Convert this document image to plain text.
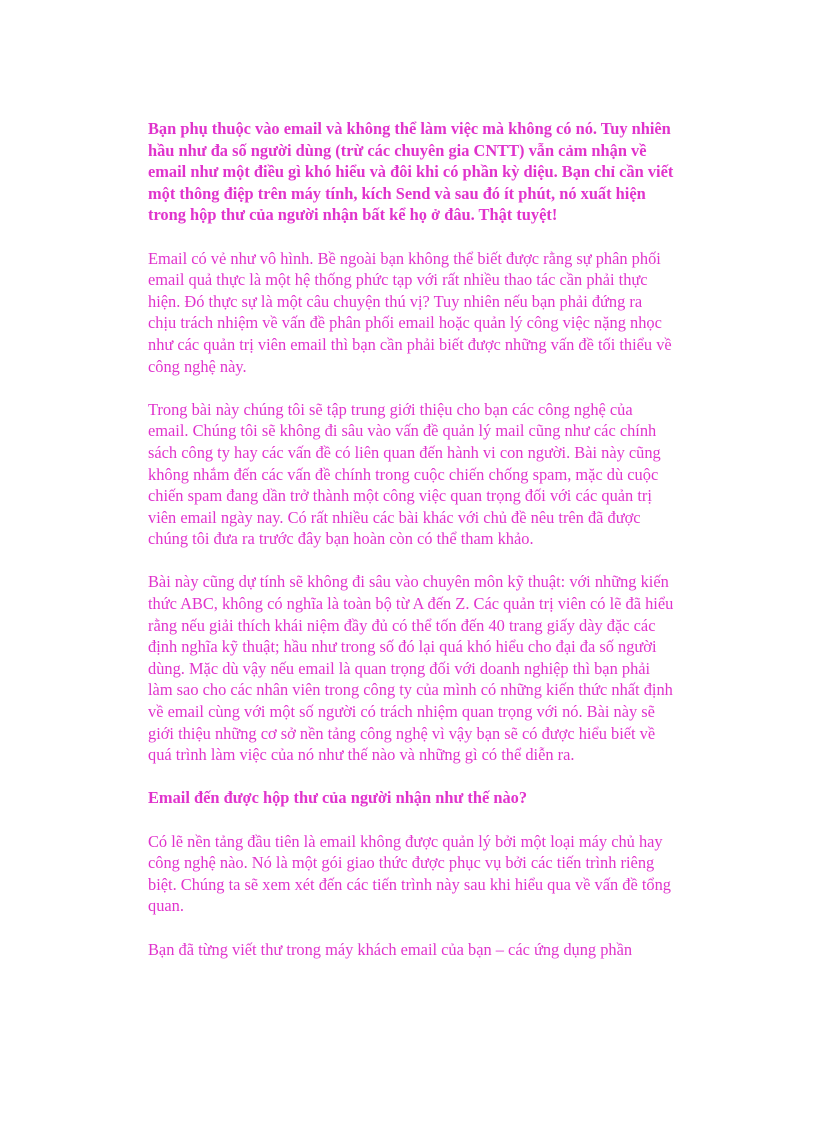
Bạn phụ thuộc vào email và không thể làm việc mà không có nó. Tuy nhiên hầu như đa số người dùng (trừ các chuyên gia CNTT) vẫn cảm nhận về email như một điều gì khó hiểu và đôi khi có phần kỳ diệu. Bạn chỉ cần viết một thông điệp trên máy tính, kích Send và sau đó ít phút, nó xuất hiện trong hộp thư của người nhận bất kể họ ở đâu. Thật tuyệt!

Email có vẻ như vô hình. Bề ngoài bạn không thể biết được rằng sự phân phối email quả thực là một hệ thống phức tạp với rất nhiều thao tác cần phải thực hiện. Đó thực sự là một câu chuyện thú vị? Tuy nhiên nếu bạn phải đứng ra chịu trách nhiệm về vấn đề phân phối email hoặc quản lý công việc nặng nhọc như các quản trị viên email thì bạn cần phải biết được những vấn đề tối thiểu về công nghệ này.

Trong bài này chúng tôi sẽ tập trung giới thiệu cho bạn các công nghệ của email. Chúng tôi sẽ không đi sâu vào vấn đề quản lý mail cũng như các chính sách công ty hay các vấn đề có liên quan đến hành vi con người. Bài này cũng không nhắm đến các vấn đề chính trong cuộc chiến chống spam, mặc dù cuộc chiến spam đang dần trở thành một công việc quan trọng đối với các quản trị viên email ngày nay. Có rất nhiều các bài khác với chủ đề nêu trên đã được chúng tôi đưa ra trước đây bạn hoàn còn có thể tham khảo.

Bài này cũng dự tính sẽ không đi sâu vào chuyên môn kỹ thuật: với những kiến thức ABC, không có nghĩa là toàn bộ từ A đến Z. Các quản trị viên có lẽ đã hiểu rằng nếu giải thích khái niệm đầy đủ có thể tốn đến 40 trang giấy dày đặc các định nghĩa kỹ thuật; hầu như trong số đó lại quá khó hiểu cho đại đa số người dùng. Mặc dù vậy nếu email là quan trọng đối với doanh nghiệp thì bạn phải làm sao cho các nhân viên trong công ty của mình có những kiến thức nhất định về email cùng với một số người có trách nhiệm quan trọng với nó. Bài này sẽ giới thiệu những cơ sở nền tảng công nghệ vì vậy bạn sẽ có được hiểu biết về quá trình làm việc của nó như thế nào và những gì có thể diễn ra.

Email đến được hộp thư của người nhận như thế nào?

Có lẽ nền tảng đầu tiên là email không được quản lý bởi một loại máy chủ hay công nghệ nào. Nó là một gói giao thức được phục vụ bởi các tiến trình riêng biệt. Chúng ta sẽ xem xét đến các tiến trình này sau khi hiểu qua về vấn đề tổng quan.

Bạn đã từng viết thư trong máy khách email của bạn – các ứng dụng phần
